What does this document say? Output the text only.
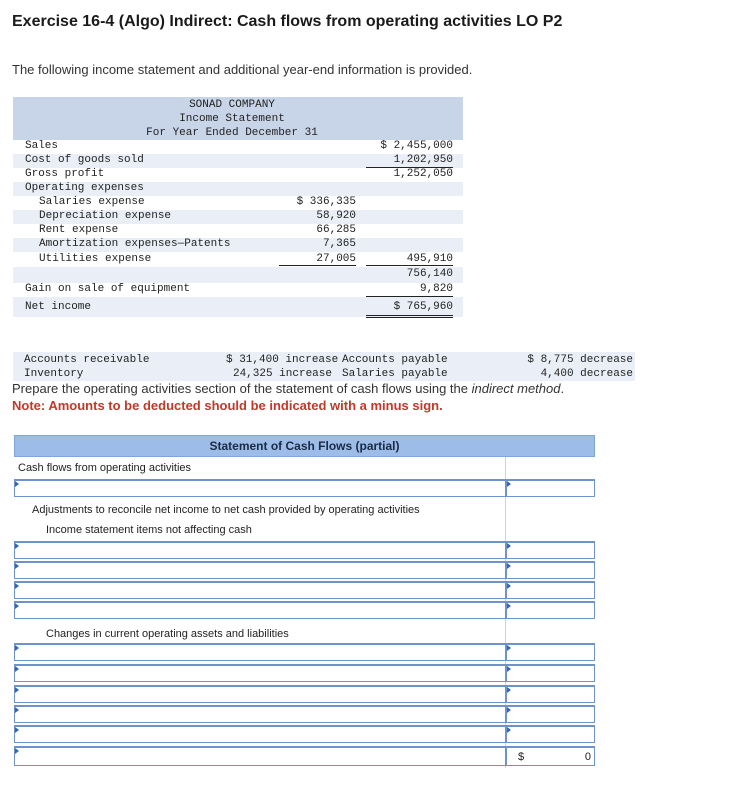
Exercise 16-4 (Algo) Indirect: Cash flows from operating activities LO P2
The following income statement and additional year-end information is provided.
SONAD COMPANY
Income Statement
For Year Ended December 31
Sales	$ 2,455,000
Cost of goods sold	1,202,950
Gross profit	1,252,050
Operating expenses
Salaries expense	$ 336,335
Depreciation expense	58,920
Rent expense	66,285
Amortization expenses—Patents	7,365
Utilities expense	27,005	495,910
756,140
Gain on sale of equipment	9,820
Net income	$ 765,960
Accounts receivable	$ 31,400 increase Accounts payable	$ 8,775 decrease
Inventory	24,325 increase Salaries payable	4,400 decrease
Prepare the operating activities section of the statement of cash flows using the indirect method.
Note: Amounts to be deducted should be indicated with a minus sign.
Statement of Cash Flows (partial)
Cash flows from operating activities
Adjustments to reconcile net income to net cash provided by operating activities
Income statement items not affecting cash
Changes in current operating assets and liabilities
$	0
